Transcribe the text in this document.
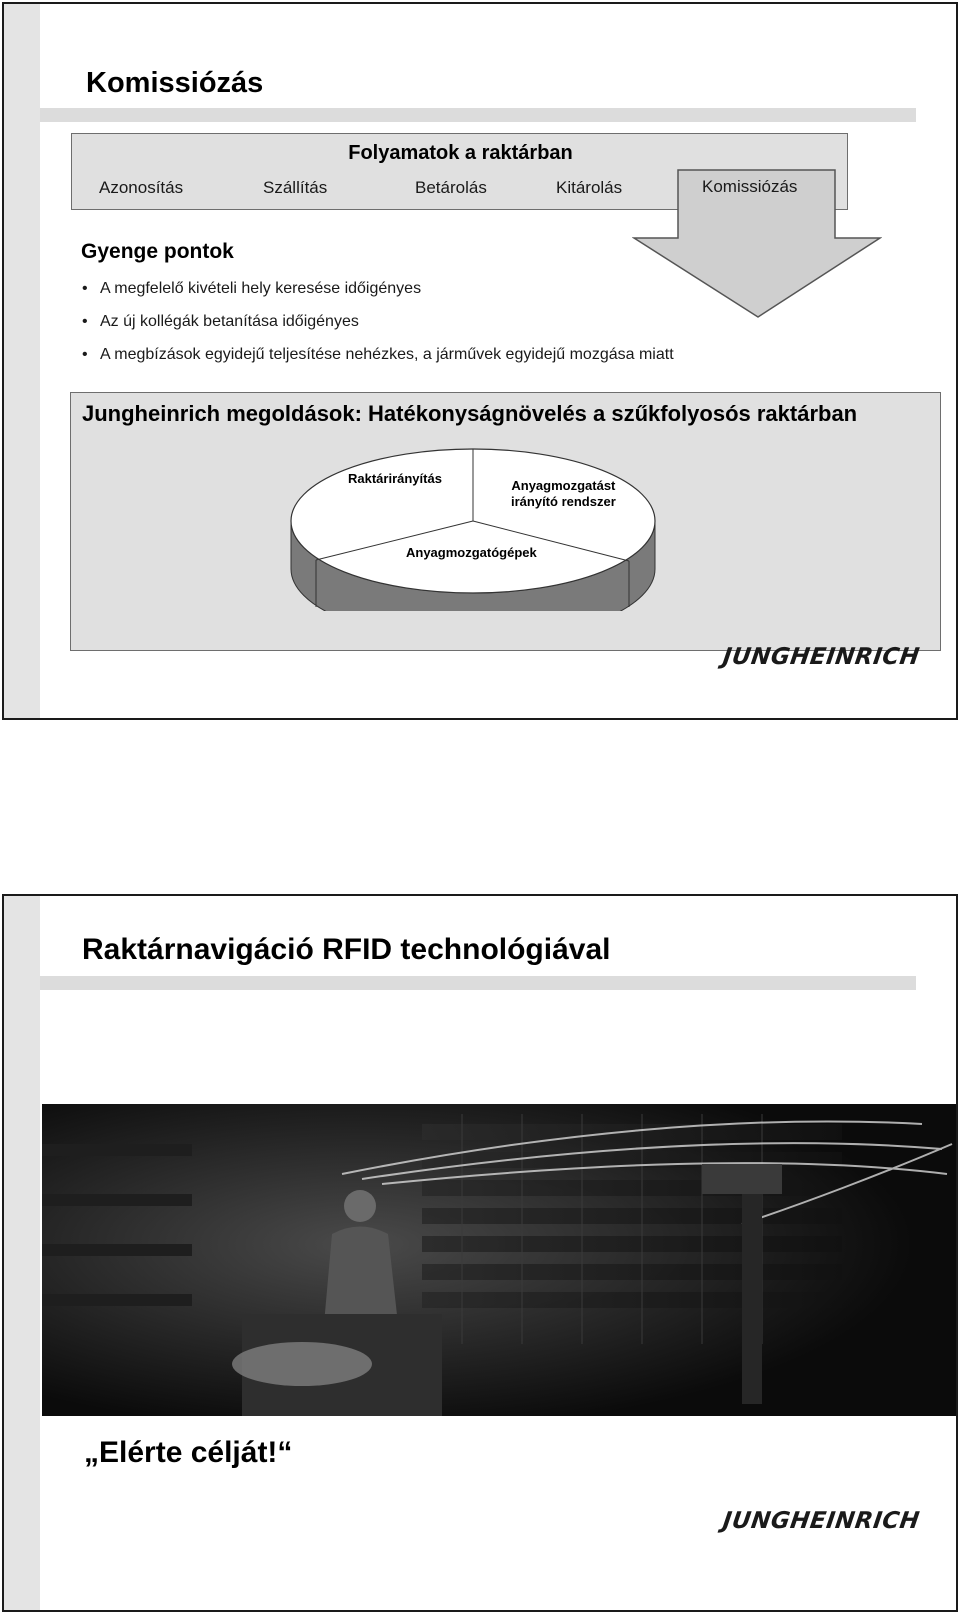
Komissiózás
Folyamatok a raktárban
Azonosítás	Szállítás	Betárolás	Kitárolás	Komissiózás
Gyenge pontok
• A megfelelő kivételi hely keresése időigényes
• Az új kollégák betanítása időigényes
• A megbízások egyidejű teljesítése nehézkes, a járművek egyidejű mozgása miatt
Jungheinrich megoldások: Hatékonyságnövelés a szűkfolyosós raktárban
Raktárirányítás	Anyagmozgatást
irányító rendszer
Anyagmozgatógépek
JUNGHEINRICH
Raktárnavigáció RFID technológiával
„Elérte célját!“
JUNGHEINRICH
